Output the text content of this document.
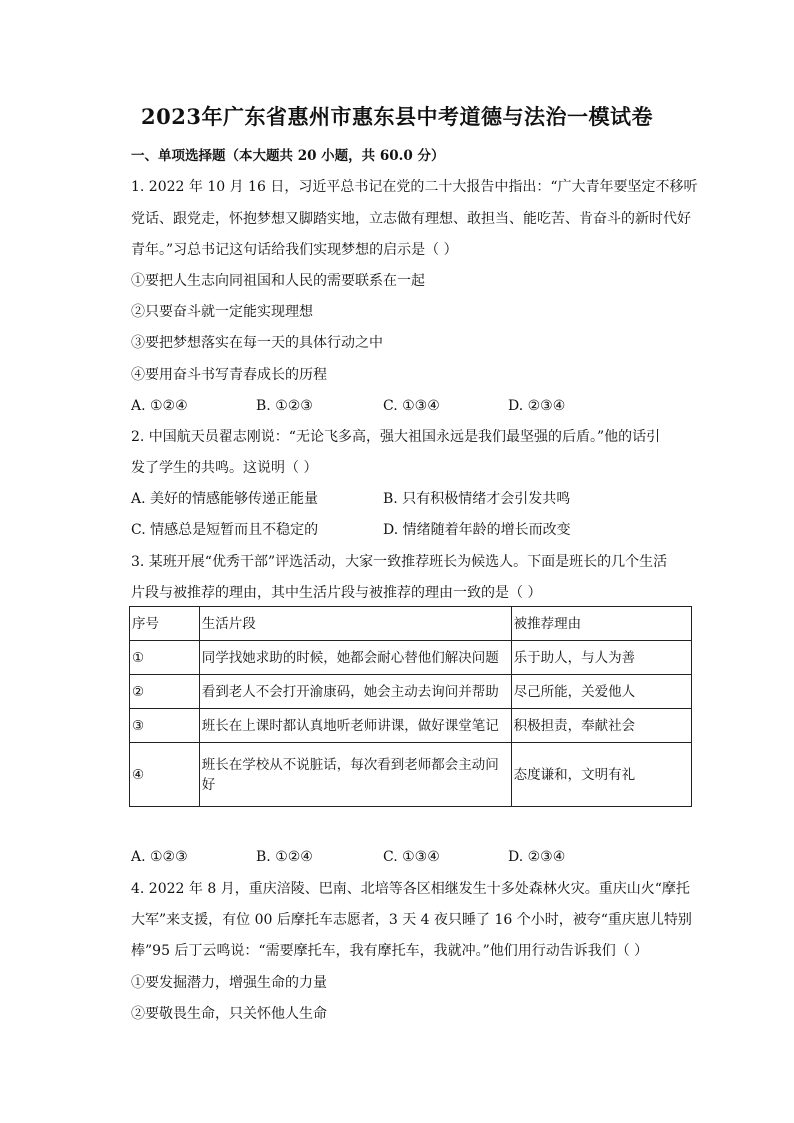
2023年广东省惠州市惠东县中考道德与法治一模试卷
一、单项选择题（本大题共 20 小题，共 60.0 分）
1. 2022 年 10 月 16 日，习近平总书记在党的二十大报告中指出：“广大青年要坚定不移听
党话、跟党走，怀抱梦想又脚踏实地，立志做有理想、敢担当、能吃苦、肯奋斗的新时代好
青年。”习总书记这句话给我们实现梦想的启示是（ ）
①要把人生志向同祖国和人民的需要联系在一起
②只要奋斗就一定能实现理想
③要把梦想落实在每一天的具体行动之中
④要用奋斗书写青春成长的历程
A. ①②④	B. ①②③	C. ①③④	D. ②③④
2. 中国航天员翟志刚说：“无论飞多高，强大祖国永远是我们最坚强的后盾。”他的话引
发了学生的共鸣。这说明（ ）
A. 美好的情感能够传递正能量	B. 只有积极情绪才会引发共鸣
C. 情感总是短暂而且不稳定的	D. 情绪随着年龄的增长而改变
3. 某班开展“优秀干部”评选活动，大家一致推荐班长为候选人。下面是班长的几个生活
片段与被推荐的理由，其中生活片段与被推荐的理由一致的是（ ）
序号	生活片段	被推荐理由
①	同学找她求助的时候，她都会耐心替他们解决问题	乐于助人，与人为善
②	看到老人不会打开渝康码，她会主动去询问并帮助	尽己所能，关爱他人
③	班长在上课时都认真地听老师讲课，做好课堂笔记	积极担责，奉献社会
④	班长在学校从不说脏话，每次看到老师都会主动问好	态度谦和，文明有礼
A. ①②③	B. ①②④	C. ①③④	D. ②③④
4. 2022 年 8 月，重庆涪陵、巴南、北培等各区相继发生十多处森林火灾。重庆山火“摩托
大军”来支援，有位 00 后摩托车志愿者，3 天 4 夜只睡了 16 个小时，被夸“重庆崽儿特别
棒”95 后丁云鸣说：“需要摩托车，我有摩托车，我就冲。”他们用行动告诉我们（ ）
①要发掘潜力，增强生命的力量
②要敬畏生命，只关怀他人生命
